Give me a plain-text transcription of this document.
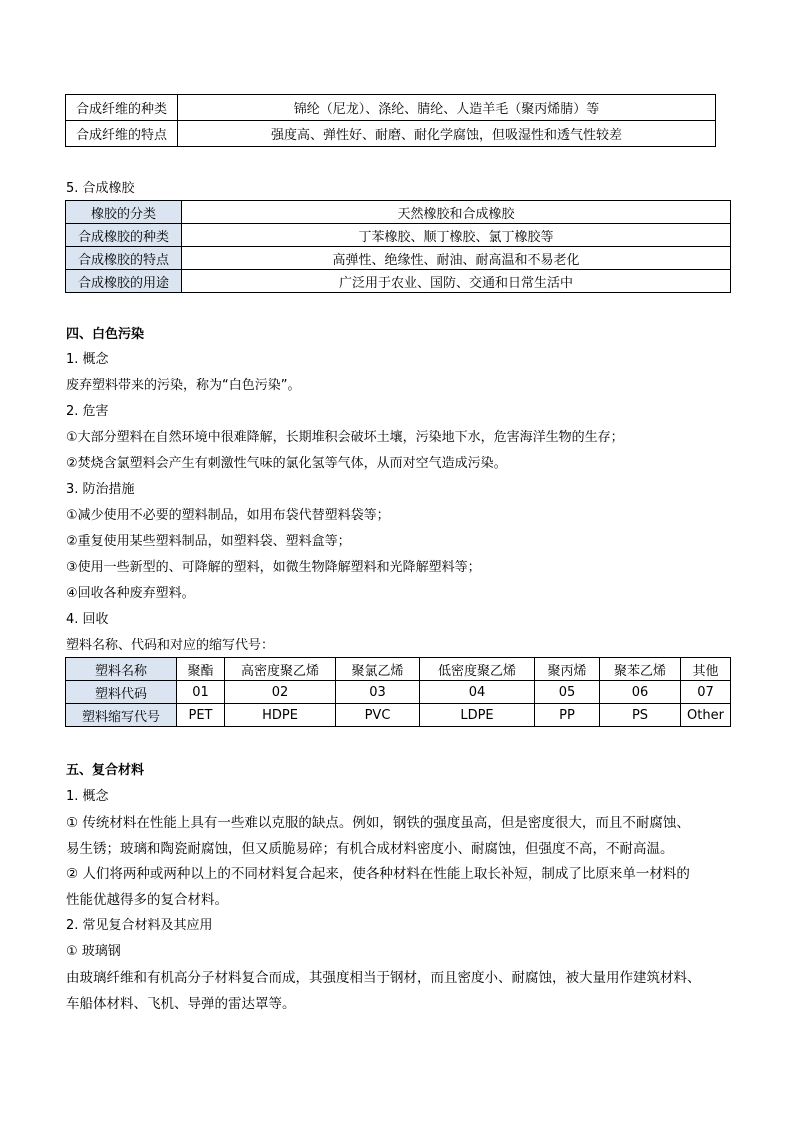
合成纤维的种类	锦纶（尼龙）、涤纶、腈纶、人造羊毛（聚丙烯腈）等
合成纤维的特点	强度高、弹性好、耐磨、耐化学腐蚀，但吸湿性和透气性较差
5. 合成橡胶
橡胶的分类	天然橡胶和合成橡胶
合成橡胶的种类	丁苯橡胶、顺丁橡胶、氯丁橡胶等
合成橡胶的特点	高弹性、绝缘性、耐油、耐高温和不易老化
合成橡胶的用途	广泛用于农业、国防、交通和日常生活中
四、白色污染
1. 概念
废弃塑料带来的污染，称为“白色污染”。
2. 危害
①大部分塑料在自然环境中很难降解，长期堆积会破坏土壤，污染地下水，危害海洋生物的生存；
②焚烧含氯塑料会产生有刺激性气味的氯化氢等气体，从而对空气造成污染。
3. 防治措施
①减少使用不必要的塑料制品，如用布袋代替塑料袋等；
②重复使用某些塑料制品，如塑料袋、塑料盒等；
③使用一些新型的、可降解的塑料，如微生物降解塑料和光降解塑料等；
④回收各种废弃塑料。
4. 回收
塑料名称、代码和对应的缩写代号：
塑料名称	聚酯	高密度聚乙烯	聚氯乙烯	低密度聚乙烯	聚丙烯	聚苯乙烯	其他
塑料代码	01	02	03	04	05	06	07
塑料缩写代号	PET	HDPE	PVC	LDPE	PP	PS	Other
五、复合材料
1. 概念
① 传统材料在性能上具有一些难以克服的缺点。例如，钢铁的强度虽高，但是密度很大，而且不耐腐蚀、
易生锈；玻璃和陶瓷耐腐蚀，但又质脆易碎；有机合成材料密度小、耐腐蚀，但强度不高，不耐高温。
② 人们将两种或两种以上的不同材料复合起来，使各种材料在性能上取长补短，制成了比原来单一材料的
性能优越得多的复合材料。
2. 常见复合材料及其应用
① 玻璃钢
由玻璃纤维和有机高分子材料复合而成，其强度相当于钢材，而且密度小、耐腐蚀，被大量用作建筑材料、
车船体材料、飞机、导弹的雷达罩等。
